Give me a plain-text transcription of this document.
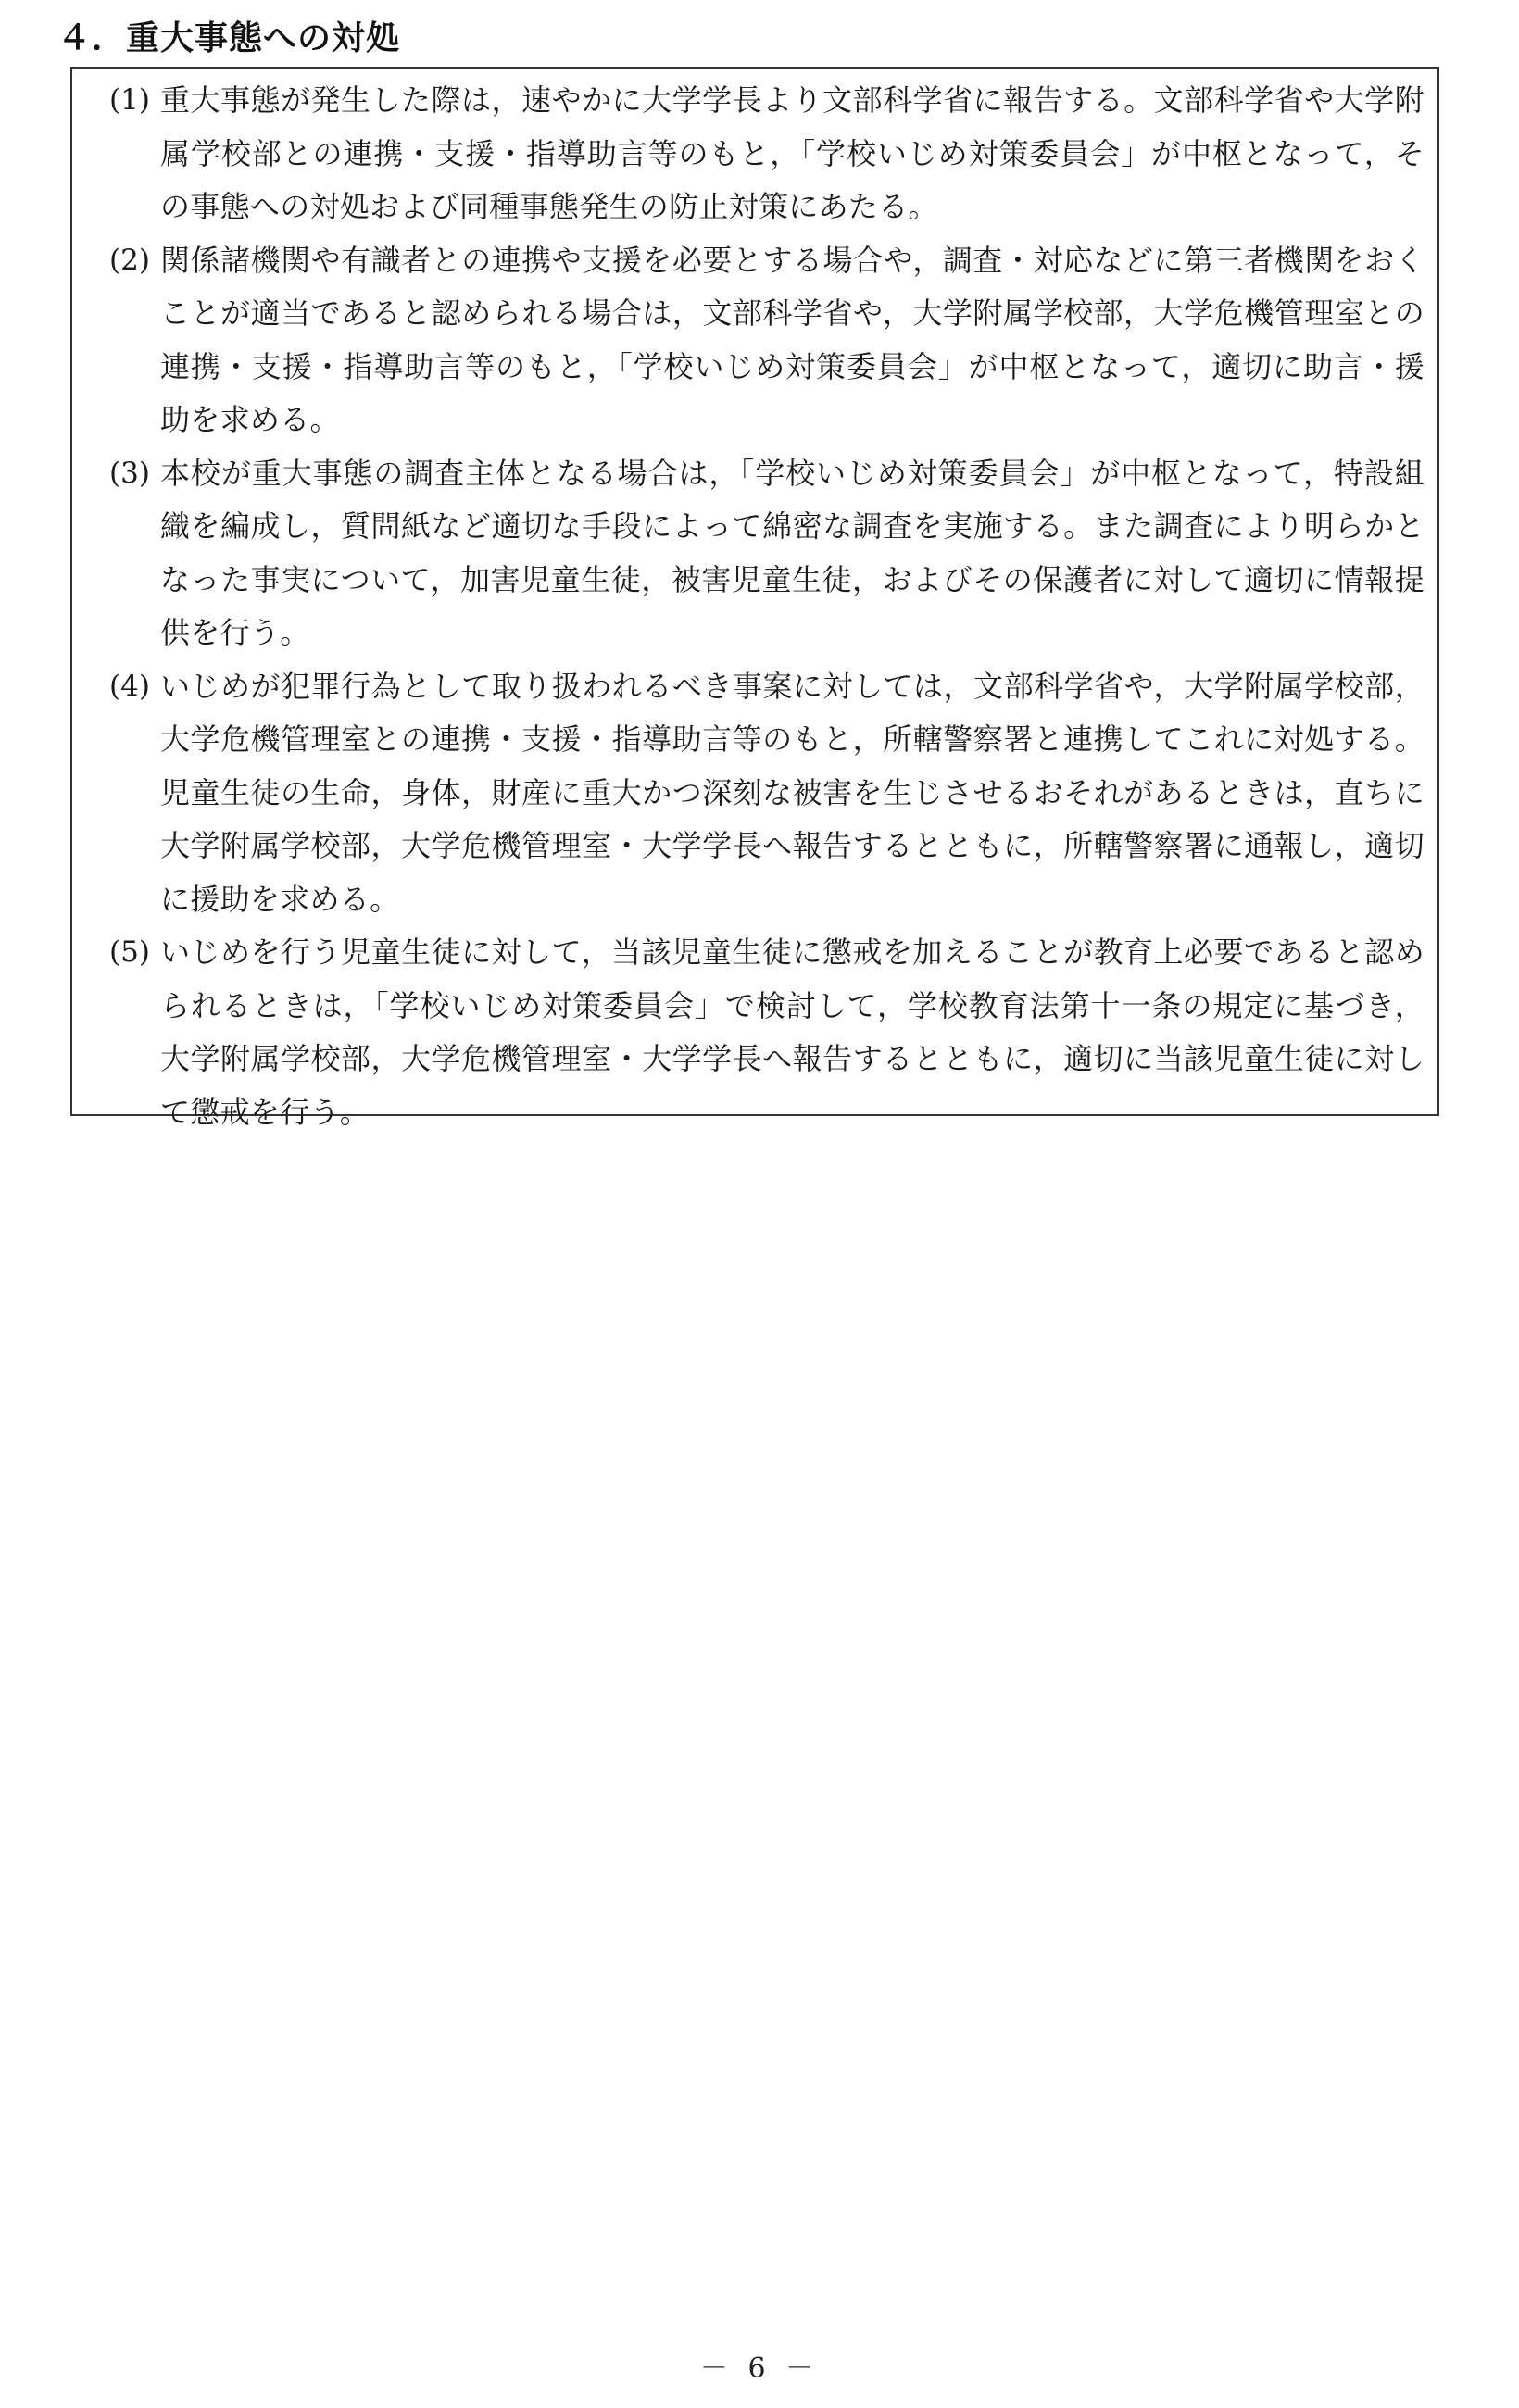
４．重大事態への対処
(1) 重大事態が発生した際は，速やかに大学学長より文部科学省に報告する。文部科学省や大学附属学校部との連携・支援・指導助言等のもと，「学校いじめ対策委員会」が中枢となって，その事態への対処および同種事態発生の防止対策にあたる。
(2) 関係諸機関や有識者との連携や支援を必要とする場合や，調査・対応などに第三者機関をおくことが適当であると認められる場合は，文部科学省や，大学附属学校部，大学危機管理室との連携・支援・指導助言等のもと，「学校いじめ対策委員会」が中枢となって，適切に助言・援助を求める。
(3) 本校が重大事態の調査主体となる場合は，「学校いじめ対策委員会」が中枢となって，特設組織を編成し，質問紙など適切な手段によって綿密な調査を実施する。また調査により明らかとなった事実について，加害児童生徒，被害児童生徒，およびその保護者に対して適切に情報提供を行う。
(4) いじめが犯罪行為として取り扱われるべき事案に対しては，文部科学省や，大学附属学校部，大学危機管理室との連携・支援・指導助言等のもと，所轄警察署と連携してこれに対処する。児童生徒の生命，身体，財産に重大かつ深刻な被害を生じさせるおそれがあるときは，直ちに大学附属学校部，大学危機管理室・大学学長へ報告するとともに，所轄警察署に通報し，適切に援助を求める。
(5) いじめを行う児童生徒に対して，当該児童生徒に懲戒を加えることが教育上必要であると認められるときは，「学校いじめ対策委員会」で検討して，学校教育法第十一条の規定に基づき，大学附属学校部，大学危機管理室・大学学長へ報告するとともに，適切に当該児童生徒に対して懲戒を行う。
－ 6 －
